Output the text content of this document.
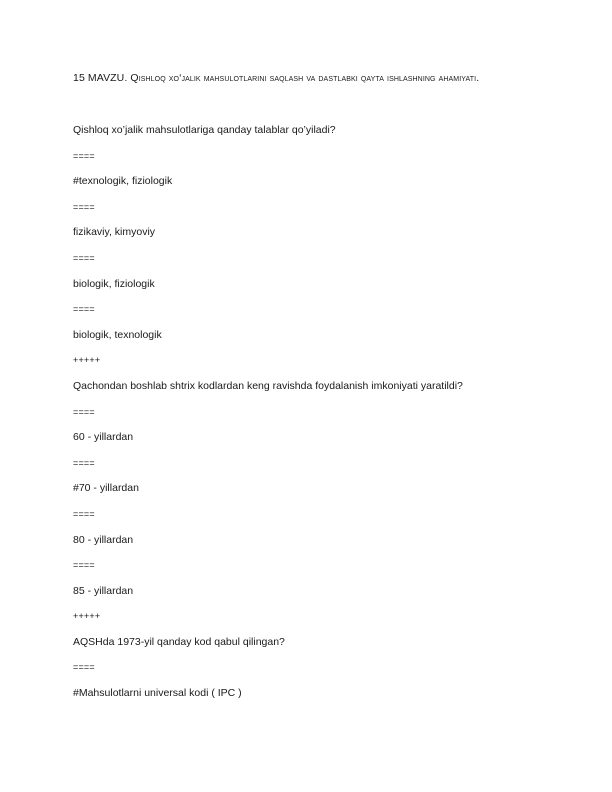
15 MAVZU. Qishloq xo‘jalik mahsulotlarini saqlash va dastlabki qayta ishlashning ahamiyati.
Qishloq xo’jalik mahsulotlariga qanday talablar qo’yiladi?
====
#texnologik, fiziologik
====
fizikaviy, kimyoviy
====
biologik, fiziologik
====
biologik, texnologik
+++++
Qachondan boshlab shtrix kodlardan keng ravishda foydalanish imkoniyati yaratildi?
====
60 - yillardan
====
#70 - yillardan
====
80 - yillardan
====
85 - yillardan
+++++
AQSHda 1973-yil qanday kod qabul qilingan?
====
#Mahsulotlarni universal kodi ( IPC )
